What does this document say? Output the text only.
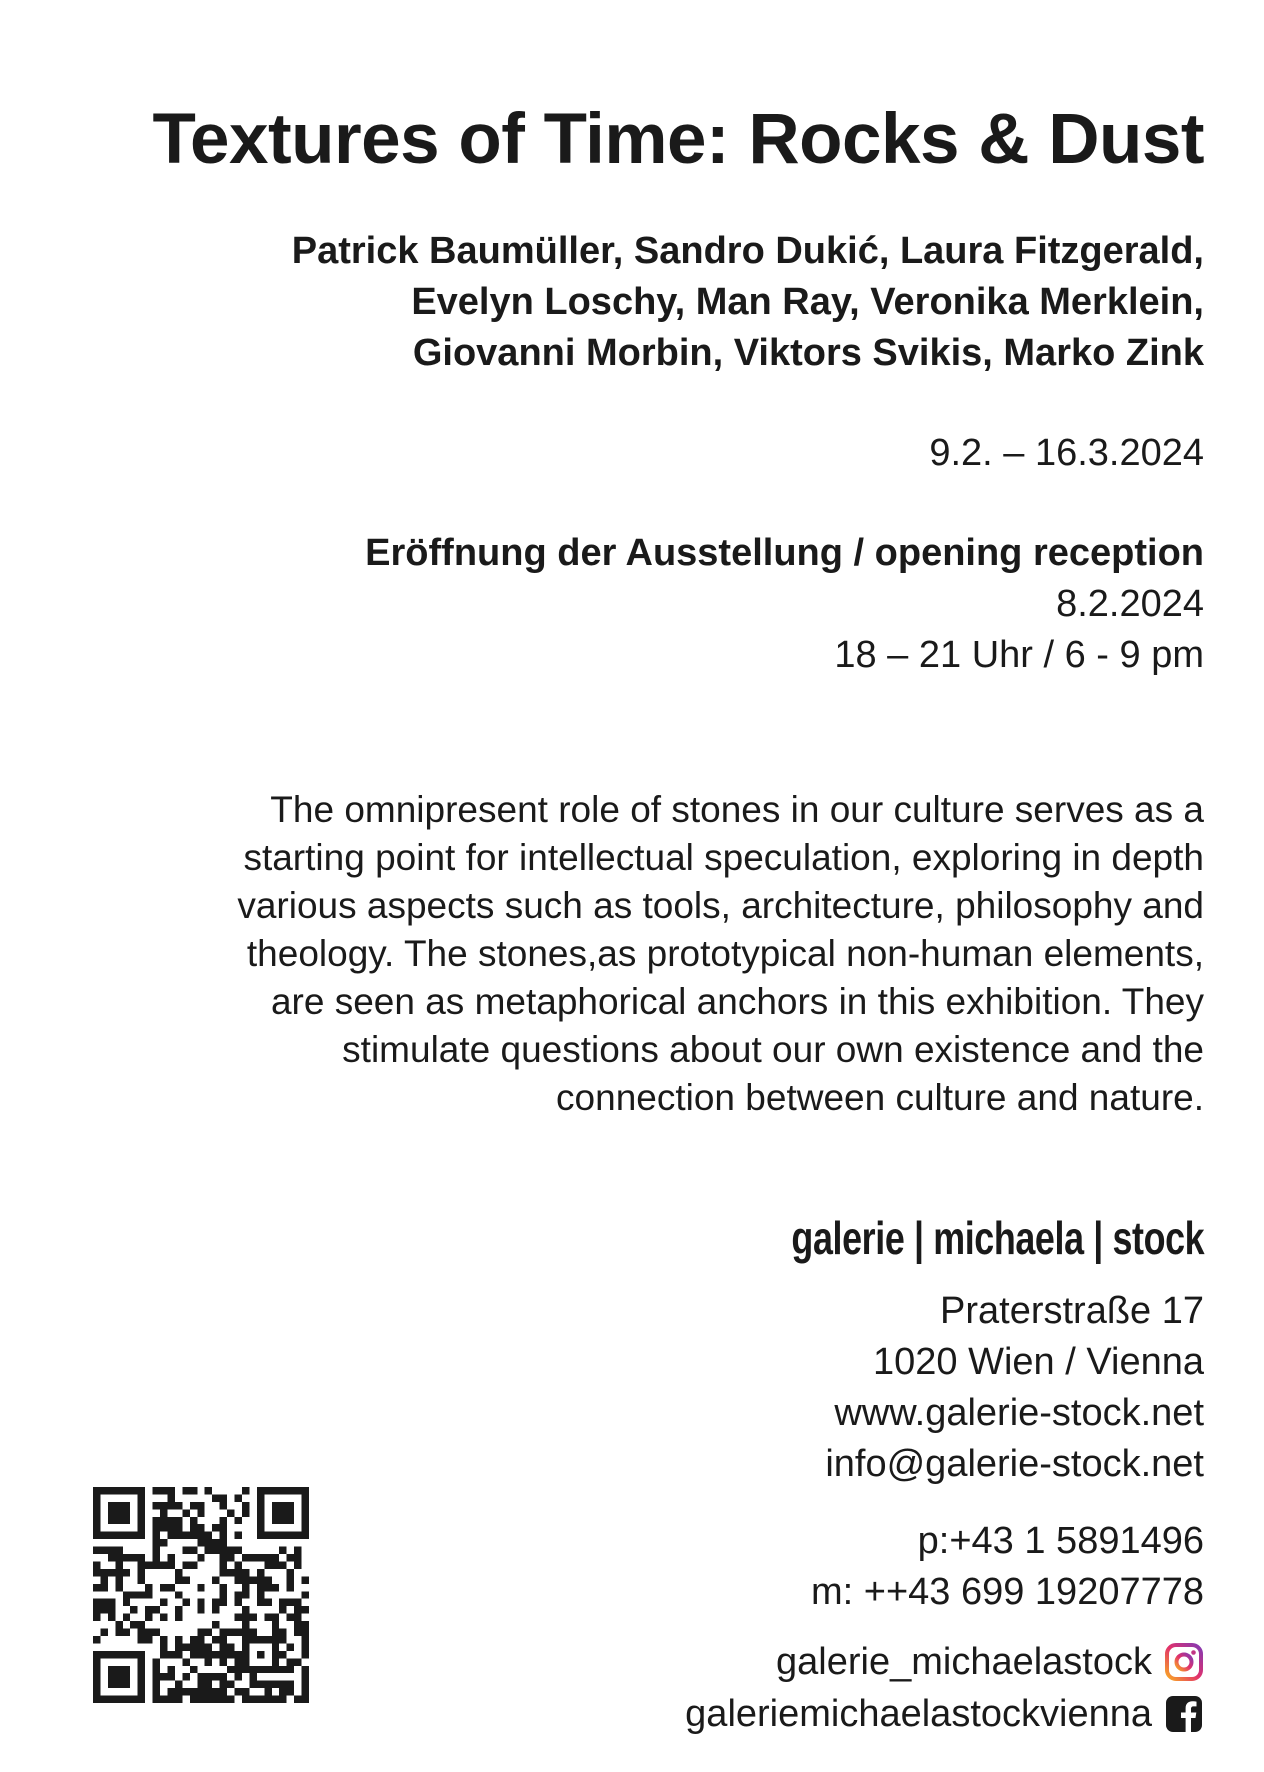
Textures of Time: Rocks & Dust
Patrick Baumüller, Sandro Dukić, Laura Fitzgerald,
Evelyn Loschy, Man Ray, Veronika Merklein,
Giovanni Morbin, Viktors Svikis, Marko Zink
9.2. – 16.3.2024
Eröffnung der Ausstellung / opening reception
8.2.2024
18 – 21 Uhr / 6 - 9 pm

The omnipresent role of stones in our culture serves as a

starting point for intellectual speculation, exploring in depth

various aspects such as tools, architecture, philosophy and

theology. The stones,as prototypical non-human elements,

are seen as metaphorical anchors in this exhibition. They

stimulate questions about our own existence and the

connection between culture and nature.

galerie | michaela | stock
Praterstraße 17
1020 Wien / Vienna
www.galerie-stock.net
info@galerie-stock.net
p:+43 1 5891496
m: ++43 699 19207778
galerie_michaelastock
galeriemichaelastockvienna
